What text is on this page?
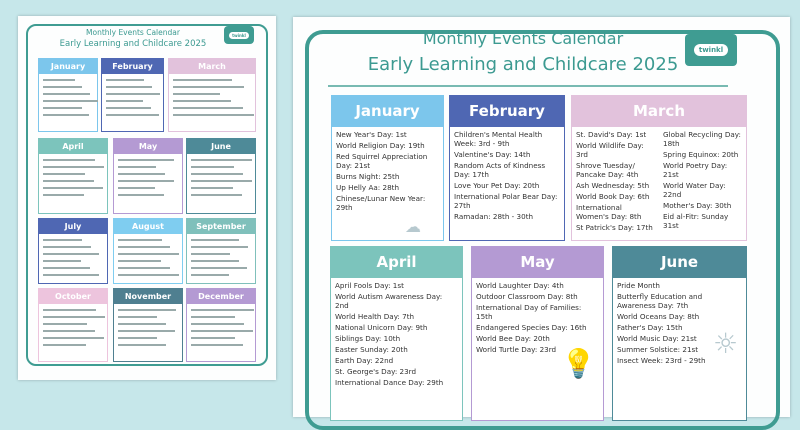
Monthly Events Calendar
Early Learning and Childcare 2025
twinkl
January	February	March
April	May	June
July	August	September
October	November	December
Monthly Events Calendar
Early Learning and Childcare 2025
twinkl
January
New Year's Day: 1st
World Religion Day: 19th
Red Squirrel Appreciation Day: 21st
Burns Night: 25th
Up Helly Aa: 28th
Chinese/Lunar New Year: 29th
February
Children's Mental Health Week: 3rd - 9th
Valentine's Day: 14th
Random Acts of Kindness Day: 17th
Love Your Pet Day: 20th
International Polar Bear Day: 27th
Ramadan: 28th - 30th
March
St. David's Day: 1st
World Wildlife Day: 3rd
Shrove Tuesday/ Pancake Day: 4th
Ash Wednesday: 5th
World Book Day: 6th
International Women's Day: 8th
St Patrick's Day: 17th
Global Recycling Day: 18th
Spring Equinox: 20th
World Poetry Day: 21st
World Water Day: 22nd
Mother's Day: 30th
Eid al-Fitr: Sunday 31st
April
April Fools Day: 1st
World Autism Awareness Day: 2nd
World Health Day: 7th
National Unicorn Day: 9th
Siblings Day: 10th
Easter Sunday: 20th
Earth Day: 22nd
St. George's Day: 23rd
International Dance Day: 29th
May
World Laughter Day: 4th
Outdoor Classroom Day: 8th
International Day of Families: 15th
Endangered Species Day: 16th
World Bee Day: 20th
World Turtle Day: 23rd
June
Pride Month
Butterfly Education and Awareness Day: 7th
World Oceans Day: 8th
Father's Day: 15th
World Music Day: 21st
Summer Solstice: 21st
Insect Week: 23rd - 29th
☁
💡
☼
